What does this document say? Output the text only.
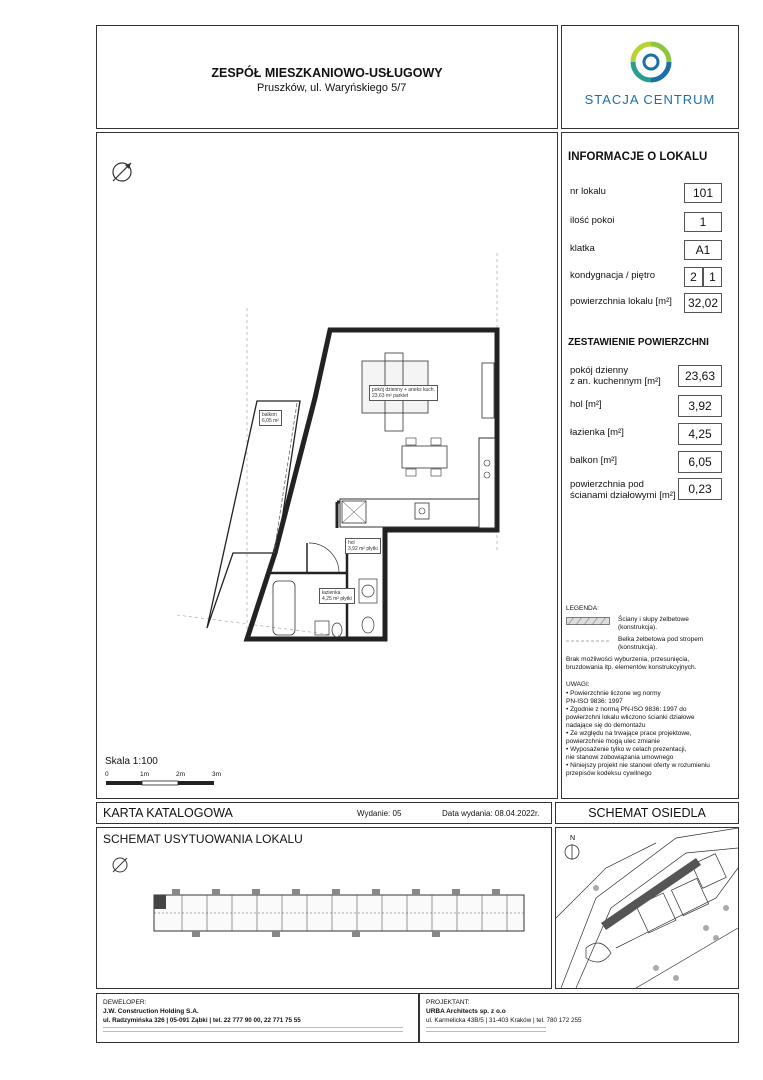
ZESPÓŁ MIESZKANIOWO-USŁUGOWY
Pruszków, ul. Waryńskiego 5/7
STACJA CENTRUM
pokój dzienny + aneks kuch.
23,63 m² parkiet
balkon
6,05 m²
hol
3,92 m² płytki
łazienka
4,25 m² płytki
Skala 1:100
0	1m	2m	3m
INFORMACJE O LOKALU
nr lokalu	101
ilość pokoi	1
klatka	A1
kondygnacja / piętro	2	1
powierzchnia lokalu [m²]	32,02
ZESTAWIENIE POWIERZCHNI
pokój dzienny
z an. kuchennym [m²]	23,63
hol [m²]	3,92
łazienka [m²]	4,25
balkon [m²]	6,05
powierzchnia pod
ścianami działowymi [m²]	0,23
LEGENDA:
Ściany i słupy żelbetowe
(konstrukcja).
Belka żelbetowa pod stropem
(konstrukcja).
Brak możliwości wyburzenia, przesunięcia,
bruzdowania itp. elementów konstrukcyjnych.
UWAGI:
• Powierzchnie liczone wg normy
PN-ISO 9836: 1997
• Zgodnie z normą PN-ISO 9836: 1997 do
powierzchni lokalu wliczono ścianki działowe
nadające się do demontażu
• Ze względu na trwające prace projektowe,
powierzchnie mogą ulec zmianie
• Wyposażenie tylko w celach prezentacji,
nie stanowi zobowiązania umownego
• Niniejszy projekt nie stanowi oferty w rozumieniu
przepisów kodeksu cywilnego
KARTA KATALOGOWA	Wydanie: 05	Data wydania: 08.04.2022r.	SCHEMAT OSIEDLA
SCHEMAT USYTUOWANIA LOKALU	N
DEWELOPER:
J.W. Construction Holding S.A.
ul. Radzymińska 326 | 05-091 Ząbki | tel. 22 777 90 00, 22 771 75 55
PROJEKTANT:
URBA Architects sp. z o.o
ul. Karmelicka 43B/5 | 31-403 Kraków | tel. 780 172 255
